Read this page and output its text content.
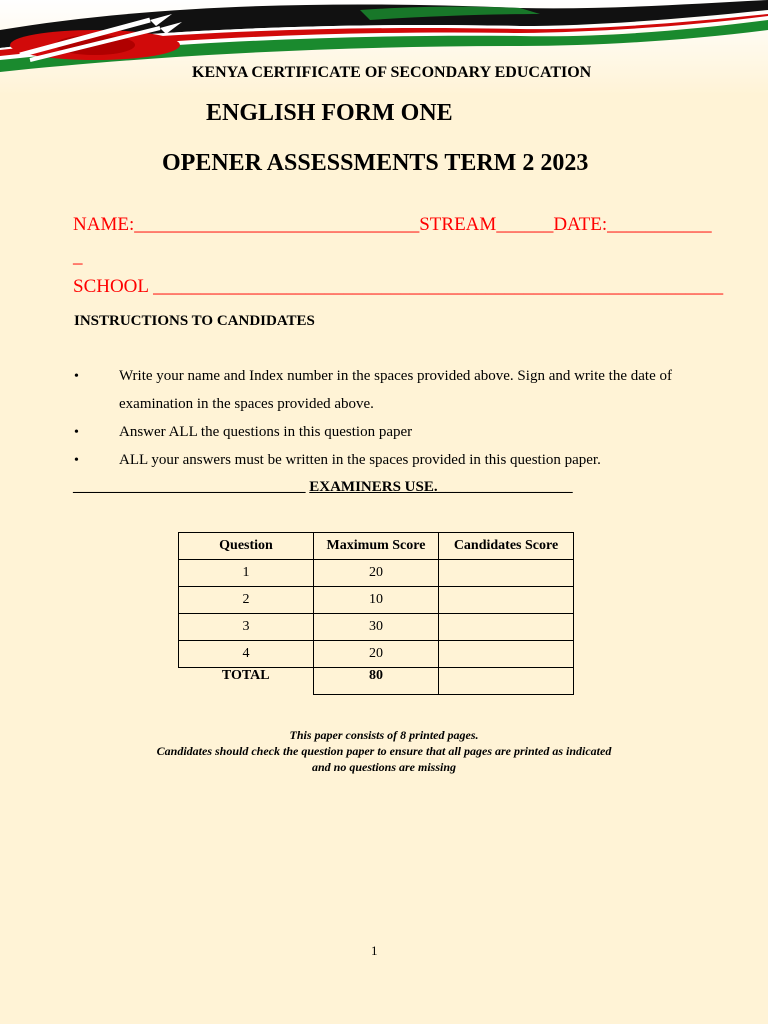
KENYA CERTIFICATE OF SECONDARY EDUCATION
ENGLISH FORM ONE
OPENER ASSESSMENTS TERM 2 2023
NAME:______________________________STREAM______DATE:___________
_
SCHOOL ____________________________________________________________
INSTRUCTIONS TO CANDIDATES
•	Write your name and Index number in the spaces provided above. Sign and write the date of
examination in the spaces provided above.
•	Answer ALL the questions in this question paper
•	ALL your answers must be written in the spaces provided in this question paper.
_______________________________ EXAMINERS USE.__________________
Question	Maximum Score	Candidates Score
1	20	
2	10	
3	30	
4	20	
TOTAL	80	
This paper consists of 8 printed pages.
Candidates should check the question paper to ensure that all pages are printed as indicated
and no questions are missing
1
